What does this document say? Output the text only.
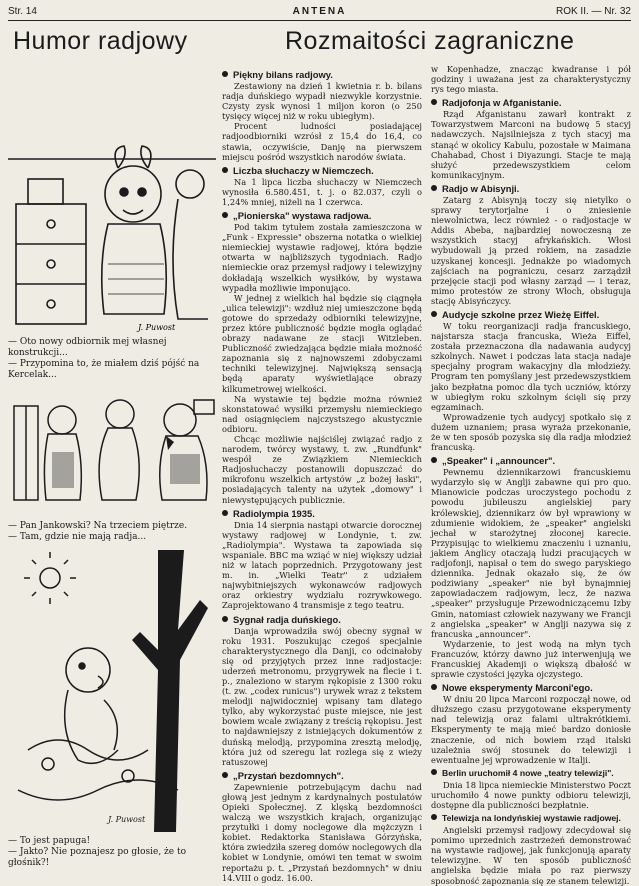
Str. 14	ANTENA	ROK II. — Nr. 32
Humor radjowy	Rozmaitości zagraniczne
J. Puwost

— Oto nowy odbiornik mej własnej konstrukcji...

— Przypomina to, że miałem dziś pójść na Kercelak...

— Pan Jankowski? Na trzeciem piętrze.

— Tam, gdzie nie mają radja...

J. Puwost

— To jest papuga!

— Jakto? Nie poznajesz po głosie, że to głośnik?!

Piękny bilans radjowy.

Zestawiony na dzień 1 kwietnia r. b. bilans radja duńskiego wypadł niezwykle korzystnie. Czysty zysk wynosi 1 miljon koron (o 250 tysięcy więcej niż w roku ubiegłym).

Procent ludności posiadającej radjoodbiorniki wzrósł z 15,4 do 16,4, co stawia, oczywiście, Danję na pierwszem miejscu pośród wszystkich narodów świata.

Liczba słuchaczy w Niemczech.

Na 1 lipca liczba słuchaczy w Niemczech wynosiła 6.580.451, t. j. o 82.037, czyli o 1,24% mniej, niżeli na 1 czerwca.

„Pionierska" wystawa radjowa.

Pod takim tytułem została zamieszczona w „Funk - Expressie" obszerna notatka o wielkiej niemieckiej wystawie radjowej, która będzie otwarta w najbliższych tygodniach. Radjo niemieckie oraz przemysł radjowy i telewizyjny dokładają wszelkich wysiłków, by wystawa wypadła możliwie imponująco.

W jednej z wielkich hal będzie się ciągnęła „ulica telewizji": wzdłuż niej umieszczone będą gotowe do sprzedaży odbiorniki telewizyjne, przez które publiczność będzie mogła oglądać obrazy nadawane ze stacji Witzleben. Publiczność zwiedzająca będzie miała możność zapoznania się z najnowszemi zdobyczami techniki telewizyjnej. Największą sensacją będą aparaty wyświetlające obrazy kilkumetrowej wielkości.

Na wystawie tej będzie można również skonstatować wysiłki przemysłu niemieckiego nad osiągnięciem najczystszego akustycznie odbioru.

Chcąc możliwie najściślej związać radjo z narodem, twórcy wystawy, t. zw. „Rundfunk" wespół ze Związkiem Niemieckich Radjosłuchaczy postanowili dopuszczać do mikrofonu wszelkich artystów „z bożej łaski", posiadających talenty na użytek „domowy" i niewystępujących publicznie.

Radiolympia 1935.

Dnia 14 sierpnia nastąpi otwarcie dorocznej wystawy radjowej w Londynie, t. zw. „Radiolympia". Wystawa ta zapowiada się wspaniale. BBC ma wziąć w niej większy udział niż w latach poprzednich. Przygotowany jest m. in. „Wielki Teatr" z udziałem najwybitniejszych wykonawców radjowych oraz orkiestry wydziału rozrywkowego. Zaprojektowano 4 transmisje z tego teatru.

Sygnał radja duńskiego.

Danja wprowadziła swój obecny sygnał w roku 1931. Poszukując czegoś specjalnie charakterystycznego dla Danji, co odcinałoby się od przyjętych przez inne radjostacje: uderzeń metronomu, przygrywek na flecie i t. p., znaleziono w starym rękopisie z 1300 roku (t. zw. „codex runicus") urywek wraz z tekstem melodji najwidoczniej wpisany tam dlatego tylko, aby wykorzystać puste miejsce, nie jest bowiem wcale związany z treścią rękopisu. Jest to najdawniejszy z istniejących dokumentów z duńską melodją, przypomina zresztą melodję, która już od szeregu lat rozlega się z wieży ratuszowej

„Przystań bezdomnych".

Zapewnienie potrzebującym dachu nad głową jest jednym z kardynalnych postulatów Opieki Społecznej. Z klęską bezdomności walczą we wszystkich krajach, organizując przytułki i domy noclegowe dla mężczyzn i kobiet. Redaktorka Stanisława Górzyńska, która zwiedziła szereg domów noclegowych dla kobiet w Londynie, omówi ten temat w swoim reportażu p. t. „Przystań bezdomnych" w dniu 14.VIII o godz. 16.00.

w Kopenhadze, znacząc kwadranse i pół godziny i uważana jest za charakterystyczny rys tego miasta.

Radjofonja w Afganistanie.

Rząd Afganistanu zawarł kontrakt z Towarzystwem Marconi na budowę 5 stacyj nadawczych. Najsilniejsza z tych stacyj ma stanąć w okolicy Kabulu, pozostałe w Maimana Chahabad, Chost i Diyazungi. Stacje te mają służyć przedewszystkiem celom komunikacyjnym.

Radjo w Abisynji.

Zatarg z Abisynją toczy się nietylko o sprawy terytorjalne i o zniesienie niewolnictwa, lecz również - o radjostacje w Addis Abeba, najbardziej nowoczesną ze wszystkich stacyj afrykańskich. Włosi wybudowali ją przed rokiem, na zasadzie uzyskanej koncesji. Jednakże po wiadomych zajściach na pograniczu, cesarz zarządził przejęcie stacji pod własny zarząd — i teraz, mimo protestów ze strony Włoch, obsługuja stację Abisyńczycy.

Audycje szkolne przez Wieżę Eiffel.

W toku reorganizacji radja francuskiego, najstarsza stacja francuska, Wieża Eiffel, została przeznaczona dla nadawania audycyj szkolnych. Nawet i podczas lata stacja nadaje specjalny program wakacyjny dla młodzieży. Program ten pomyślany jest przedewszystkiem jako bezpłatna pomoc dla tych uczniów, którzy w ubiegłym roku szkolnym ścięli się przy egzaminach.

Wprowadzenie tych audycyj spotkało się z dużem uznaniem; prasa wyraża przekonanie, że w ten sposób pozyska się dla radja młodzież francuską.

„Speaker" i „announcer".

Pewnemu dziennikarzowi francuskiemu wydarzyło się w Anglji zabawne qui pro quo. Mianowicie podczas uroczystego pochodu z powodu jubileuszu angielskiej pary królewskiej, dziennikarz ów był wprawiony w zdumienie widokiem, że „speaker" angielski jechał w starożytnej złoconej karecie. Przypisując to wielkiemu znaczeniu i uznaniu, jakiem Anglicy otaczają ludzi pracujących w radjofonji, napisał o tem do swego paryskiego dziennika. Jednak okazało się, że ów podziwiany „speaker" nie był bynajmniej zapowiadaczem radjowym, lecz, że nazwa „speaker" przysługuje Przewodniczącemu Izby Gmin, natomiast człowiek nazywany we Francji z angielska „speaker" w Anglji nazywa się z francuska „announcer".

Wydarzenie, to jest wodą na młyn tych Francuzów, którzy dawno już interwenjują we Francuskiej Akademji o większą dbałość w sprawie czystości języka ojczystego.

Nowe eksperymenty Marconi'ego.

W dniu 20 lipca Marconi rozpoczął nowe, od dłuższego czasu przygotowane eksperymenty nad telewizją oraz falami ultrakrótkiemi. Eksperymenty te mają mieć bardzo doniosłe znaczenie, od nich bowiem rząd italski uzależnia swój stosunek do telewizji i ewentualne jej wprowadzenie w Italji.

Berlin uruchomił 4 nowe „teatry telewizji".

Dnia 18 lipca niemieckie Ministerstwo Poczt uruchomiło 4 nowe punkty odbioru telewizji, dostępne dla publiczności bezpłatnie.

Telewizja na londyńskiej wystawie radjowej.

Angielski przemysł radjowy zdecydował się pomimo uprzednich zastrzeżeń demonstrować na wystawie radjowej, jak funkcjonują aparaty telewizyjne. W ten sposób publiczność angielska będzie miała po raz pierwszy sposobność zapoznania się ze stanem telewizji.
